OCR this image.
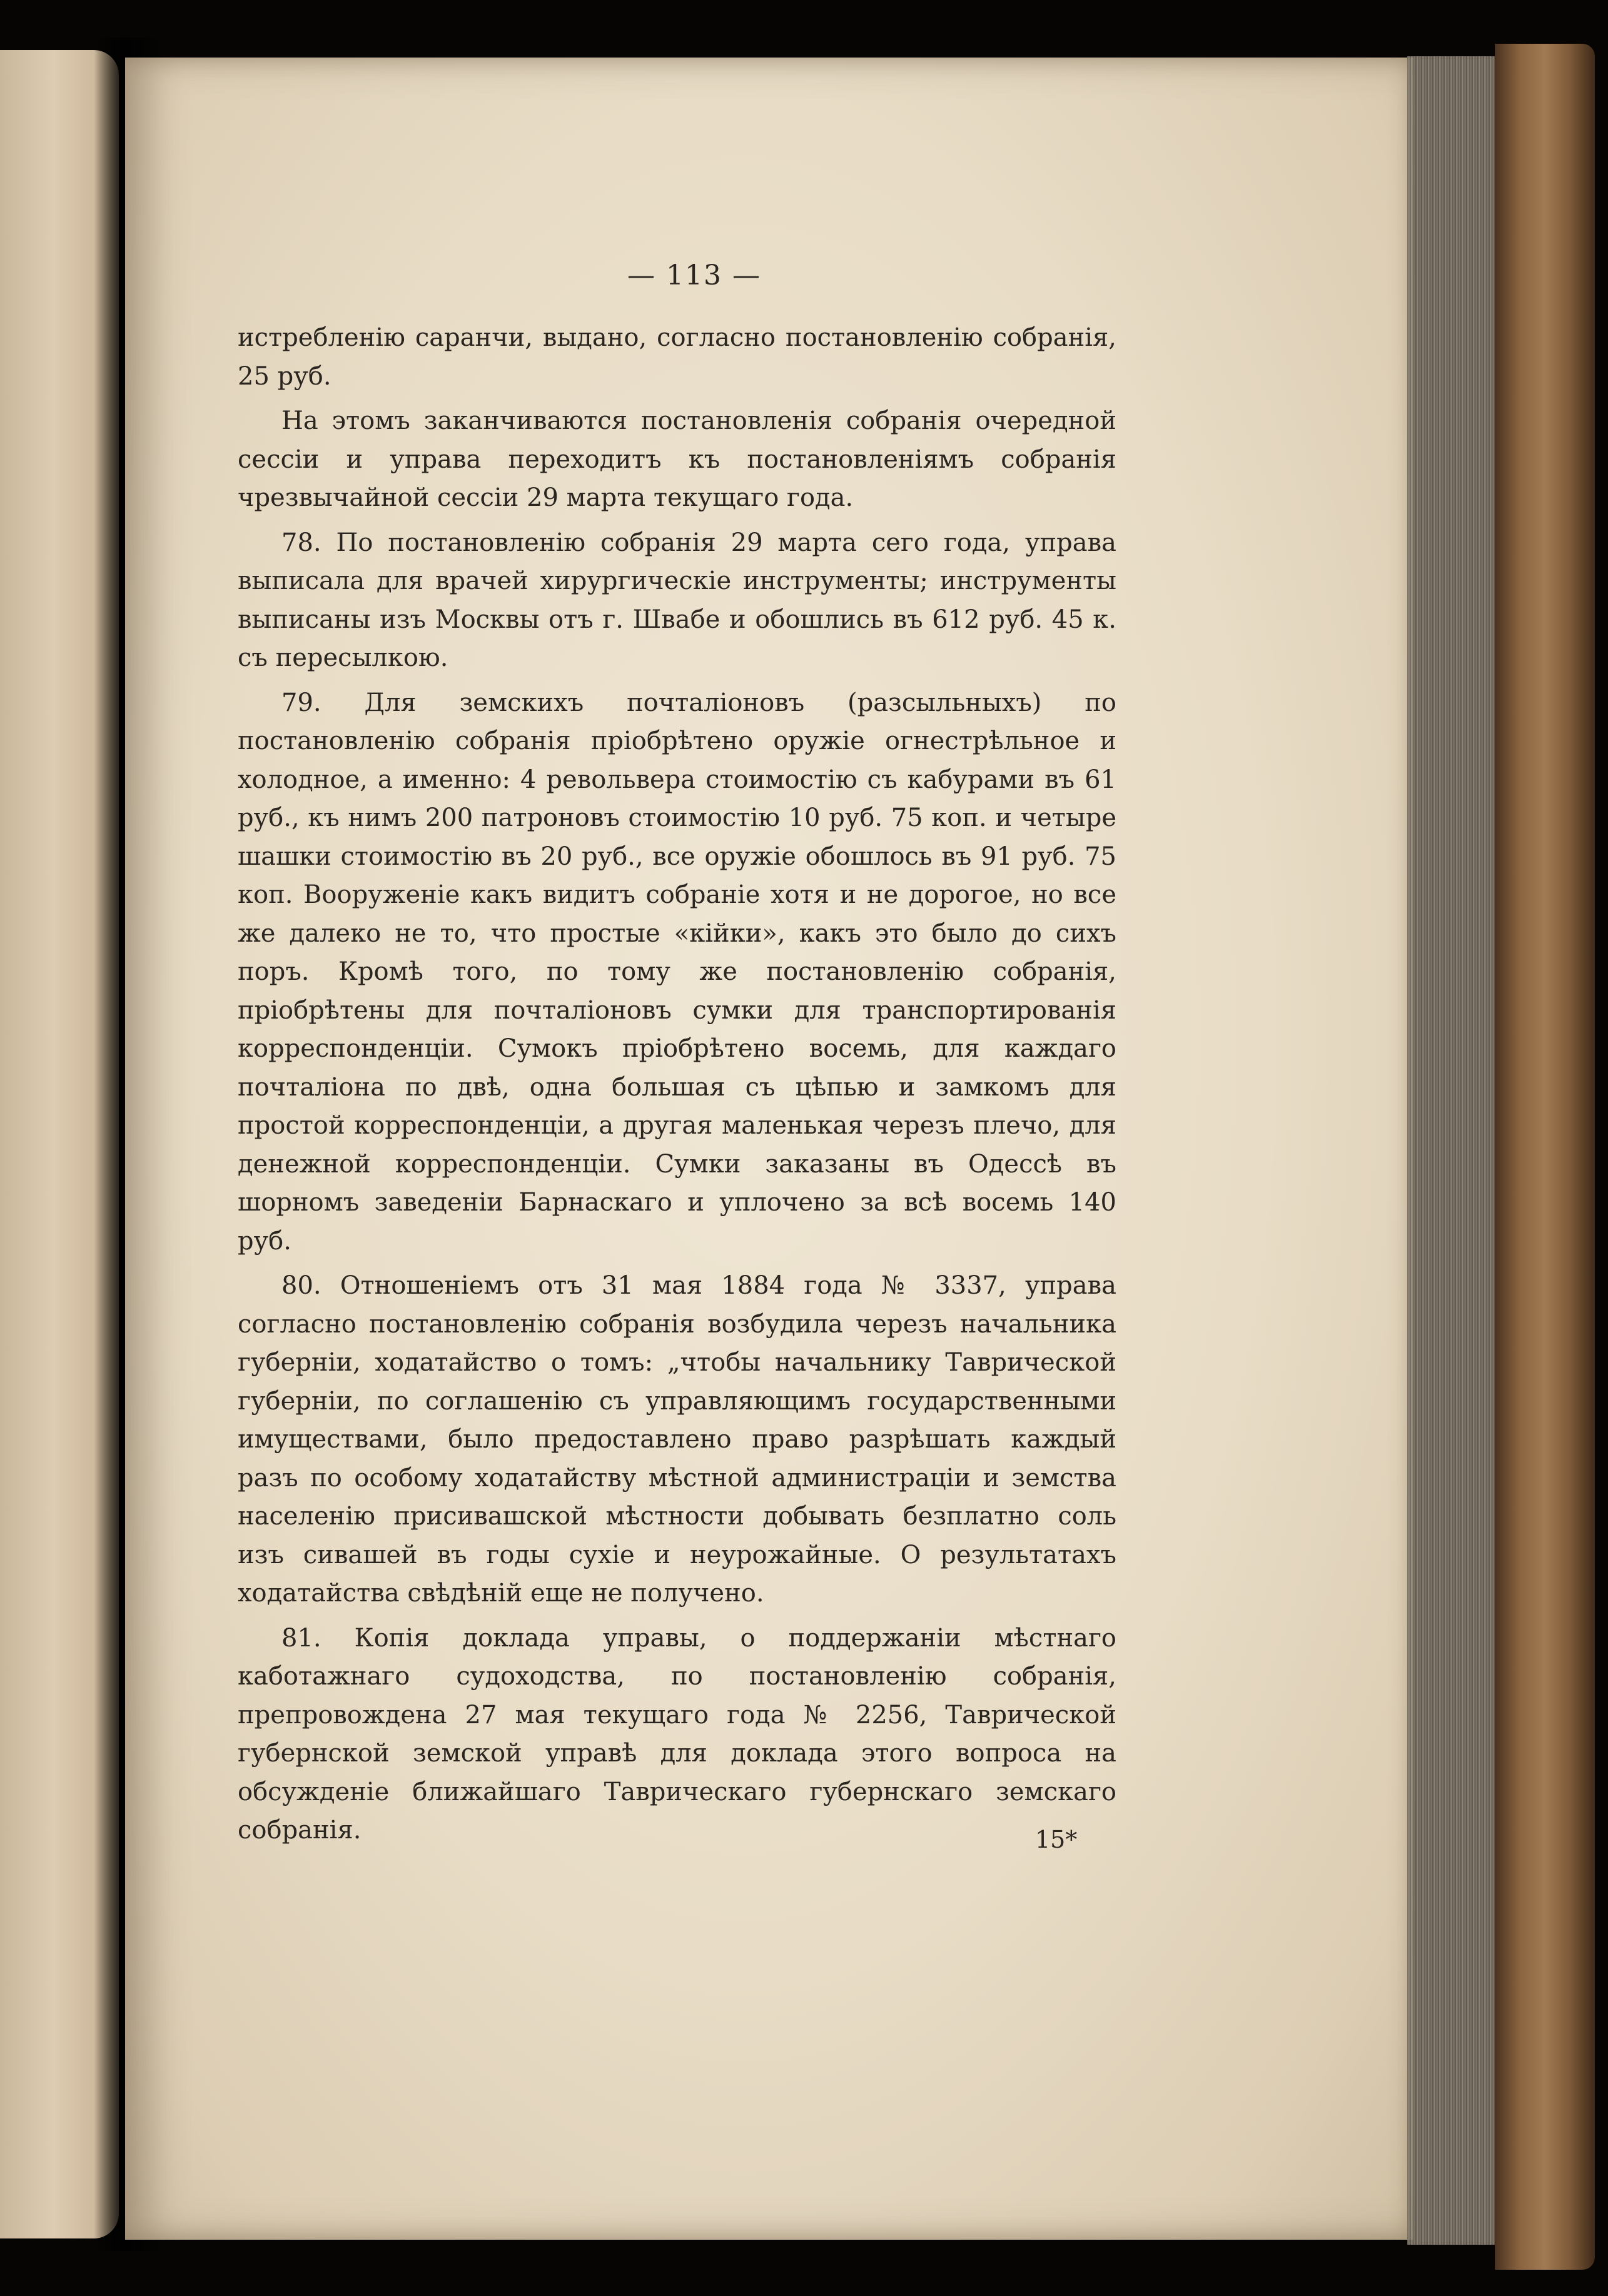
— 113 —

истребленію саранчи, выдано, согласно постановленію собранія, 25 руб.

На этомъ заканчиваются постановленія собранія очередной сессіи и управа переходитъ къ постановленіямъ собранія чрезвычайной сессіи 29 марта текущаго года.

78. По постановленію собранія 29 марта сего года, управа выписала для врачей хирургическіе инструменты; инструменты выписаны изъ Москвы отъ г. Швабе и обошлись въ 612 руб. 45 к. съ пересылкою.

79. Для земскихъ почталіоновъ (разсыльныхъ) по постановленію собранія пріобрѣтено оружіе огнестрѣльное и холодное, а именно: 4 револьвера стоимостію съ кабурами въ 61 руб., къ нимъ 200 патроновъ стоимостію 10 руб. 75 коп. и четыре шашки стоимостію въ 20 руб., все оружіе обошлось въ 91 руб. 75 коп. Вооруженіе какъ видитъ собраніе хотя и не дорогое, но все же далеко не то, что простые «кійки», какъ это было до сихъ поръ. Кромѣ того, по тому же постановленію собранія, пріобрѣтены для почталіоновъ сумки для транспортированія корреспонденціи. Сумокъ пріобрѣтено восемь, для каждаго почталіона по двѣ, одна большая съ цѣпью и замкомъ для простой корреспонденціи, а другая маленькая черезъ плечо, для денежной корреспонденціи. Сумки заказаны въ Одессѣ въ шорномъ заведеніи Барнаскаго и уплочено за всѣ восемь 140 руб.

80. Отношеніемъ отъ 31 мая 1884 года № 3337, управа согласно постановленію собранія возбудила черезъ начальника губерніи, ходатайство о томъ: „чтобы начальнику Таврической губерніи, по соглашенію съ управляющимъ государственными имуществами, было предоставлено право разрѣшать каждый разъ по особому ходатайству мѣстной администраціи и земства населенію присивашской мѣстности добывать безплатно соль изъ сивашей въ годы сухіе и неурожайные. О результатахъ ходатайства свѣдѣній еще не получено.

81. Копія доклада управы, о поддержаніи мѣстнаго каботажнаго судоходства, по постановленію собранія, препровождена 27 мая текущаго года № 2256, Таврической губернской земской управѣ для доклада этого вопроса на обсужденіе ближайшаго Таврическаго губернскаго земскаго собранія.	15*
